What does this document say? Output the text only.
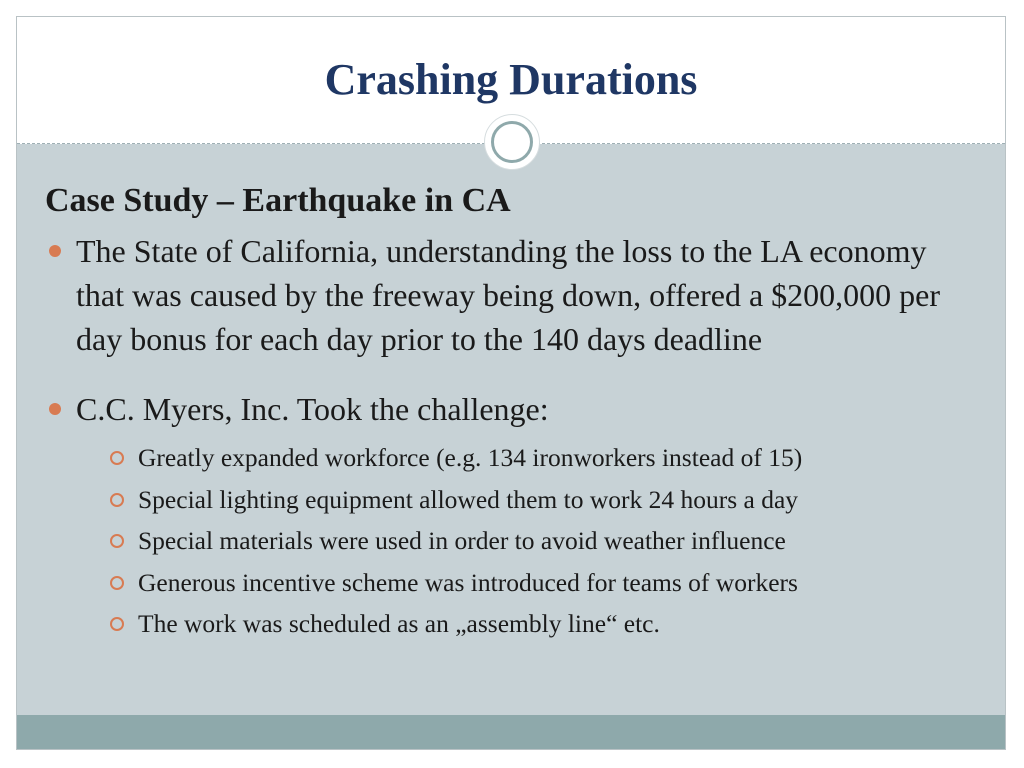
Crashing Durations
Case Study – Earthquake in CA
The State of California, understanding the loss to the LA economy that was caused by the freeway being down, offered a $200,000 per day bonus for each day prior to the 140 days deadline
C.C. Myers, Inc. Took the challenge:
Greatly expanded workforce (e.g. 134 ironworkers instead of 15)
Special lighting equipment allowed them to work 24 hours a day
Special materials were used in order to avoid weather influence
Generous incentive scheme was introduced for teams of workers
The work was scheduled as an „assembly line“ etc.
